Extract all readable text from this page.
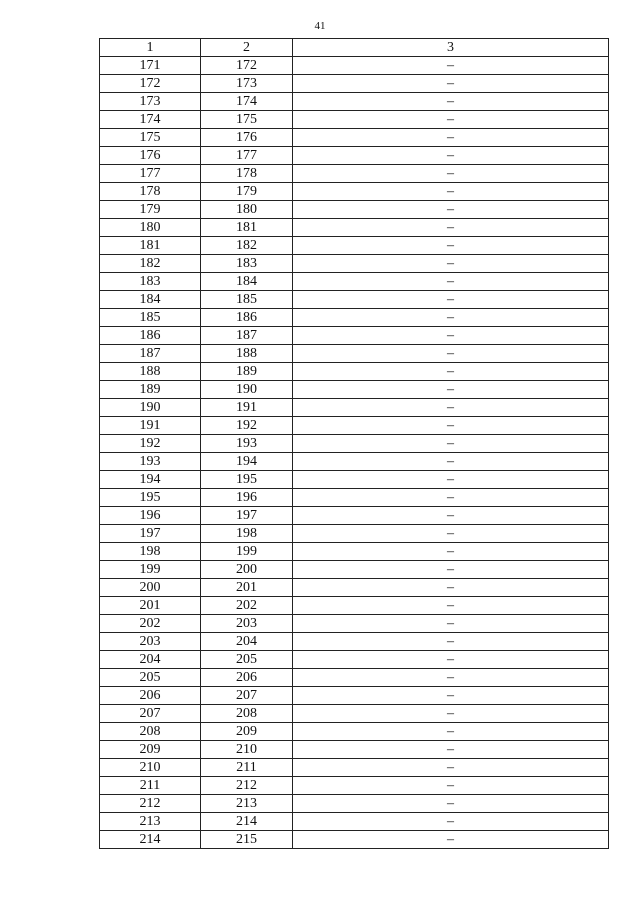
41
1	2	3
171	172	–
172	173	–
173	174	–
174	175	–
175	176	–
176	177	–
177	178	–
178	179	–
179	180	–
180	181	–
181	182	–
182	183	–
183	184	–
184	185	–
185	186	–
186	187	–
187	188	–
188	189	–
189	190	–
190	191	–
191	192	–
192	193	–
193	194	–
194	195	–
195	196	–
196	197	–
197	198	–
198	199	–
199	200	–
200	201	–
201	202	–
202	203	–
203	204	–
204	205	–
205	206	–
206	207	–
207	208	–
208	209	–
209	210	–
210	211	–
211	212	–
212	213	–
213	214	–
214	215	–
